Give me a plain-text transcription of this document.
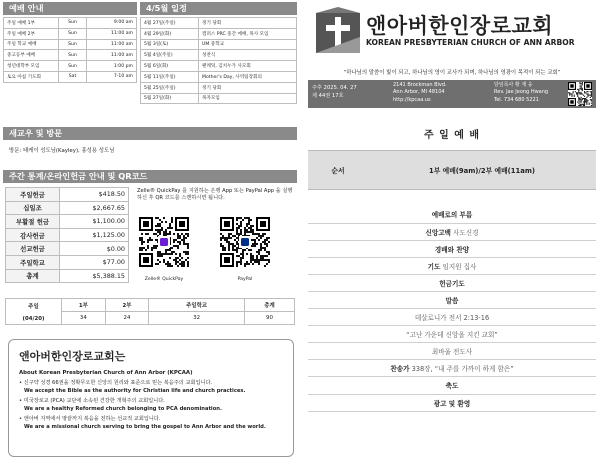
예배 안내
주일 예배 1부	Sun	9:00 am
주일 예배 2부	Sun	11:00 am
주일 학교 예배	Sun	11:00 am
중고등부 예배	Sun	11:00 am
청년대학부 모임	Sun	1:00 pm
토요 아침 기도회	Sat	7-10 am
4/5월 일정
4월 27일(주일)	정기 당회
4월 29일(화)	캠퍼스 PRC 중간 예배, 목사 모임
5월 3일(토)	UM 중학교
5월 4일(주일)	성찬식
5월 6일(화)	팬케잌, 김치누가 사모회
5월 11일(주일)	Mother's Day, 사역팀장회의
5월 25일(주일)	정기 당회
5월 27일(화)	목자모임
새교우 및 방문
방문: 태케이 성도님(Kayley), 홍성용 성도님
주간 통계/온라인헌금 안내 및 QR코드
주일헌금	$418.50
십일조	$2,667.65
부활절 헌금	$1,100.00
감사헌금	$1,125.00
선교헌금	$0.00
주일학교	$77.00
총계	$5,388.15
Zelle® QuickPay 를 지원하는 은행 App 또는 PayPal App 을 실행하신 후 QR 코드를 스캔하시면 됩니다.
Zelle® QuickPay	PayPal
주일

(04/20)	1부	2부	주일학교	총계
	34	24	32	90
앤아버한인장로교회는
About Korean Presbyterian Church of Ann Arbor (KPCAA)
• 신구약 성경 66권을 정확무오한 신앙의 원리와 표준으로 믿는 복음주의 교회입니다.
We accept the Bible as the authority for Christian life and church practices.
• 미국장로교 (PCA) 교단에 소속된 건강한 개혁주의 교회입니다.
We are a healthy Reformed church belonging to PCA denomination.
• 앤아버 지역에서 땅끝까지 복음을 전하는 선교적 교회입니다.
We are a missional church serving to bring the gospel to Ann Arbor and the world.
앤아버한인장로교회
KOREAN PRESBYTERIAN CHURCH OF ANN ARBOR
“하나님의 말씀이 빛이 되고, 하나님의 영이 교사가 되며, 하나님의 영광이 목적이 되는 교회”
주후 2025. 04. 27
제 44권 17호
2141 Brockman Blvd.
Ann Arbor, MI 48104
http://kpcaa.us
담임목사 황 재 웅
Rev. Jae Jeong Hwang
Tel. 734 680 5221
주 일 예 배
순서	1부 예배(9am)/2부 예배(11am)
예배로의 부름
신앙고백 사도신경
경배와 찬양
기도 임지원 집사
헌금기도
말씀
데살로니가 전서 2:13-16
“고난 가운데 신앙을 지킨 교회”
최바울 전도사
찬송가 338장, “내 주를 가까이 하게 함은”
축도
광고 및 환영
